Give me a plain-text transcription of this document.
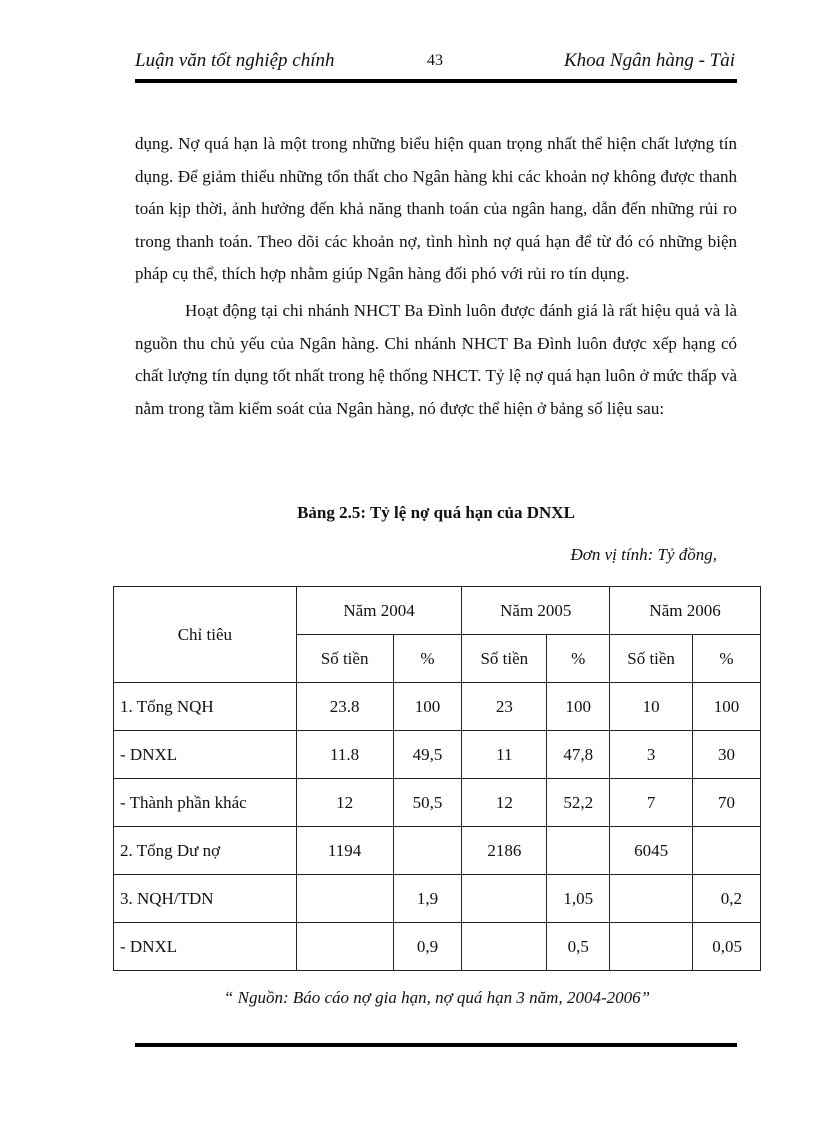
Luận văn tốt nghiệp chính	43	Khoa Ngân hàng - Tài

dụng. Nợ quá hạn là một trong những biểu hiện quan trọng nhất thể hiện chất lượng tín dụng. Để giảm thiểu những tổn thất cho Ngân hàng khi các khoản nợ không được thanh toán kịp thời, ảnh hưởng đến khả năng thanh toán của ngân hang, dẫn đến những rủi ro trong thanh toán. Theo dõi các khoản nợ, tình hình nợ quá hạn để từ đó có những biện pháp cụ thể, thích hợp nhằm giúp Ngân hàng đối phó với rủi ro tín dụng.

Hoạt động tại chi nhánh NHCT Ba Đình luôn được đánh giá là rất hiệu quả và là nguồn thu chủ yếu của Ngân hàng. Chi nhánh NHCT Ba Đình luôn được xếp hạng có chất lượng tín dụng tốt nhất trong hệ thống NHCT. Tỷ lệ nợ quá hạn luôn ở mức thấp và nằm trong tầm kiểm soát của Ngân hàng, nó được thể hiện ở bảng số liệu sau:

Bảng 2.5: Tỷ lệ nợ quá hạn của DNXL
Đơn vị tính: Tỷ đồng,
Chỉ tiêu	Năm 2004		Năm 2005		Năm 2006	
	Số tiền	%	Số tiền	%	Số tiền	%
1. Tổng NQH	23.8	100	23	100	10	100
- DNXL	11.8	49,5	11	47,8	3	30
- Thành phần khác	12	50,5	12	52,2	7	70
2. Tổng Dư nợ	1194		2186		6045	
3. NQH/TDN		1,9		1,05		0,2
- DNXL		0,9		0,5		0,05
“ Nguồn: Báo cáo nợ gia hạn, nợ quá hạn 3 năm, 2004-2006”
